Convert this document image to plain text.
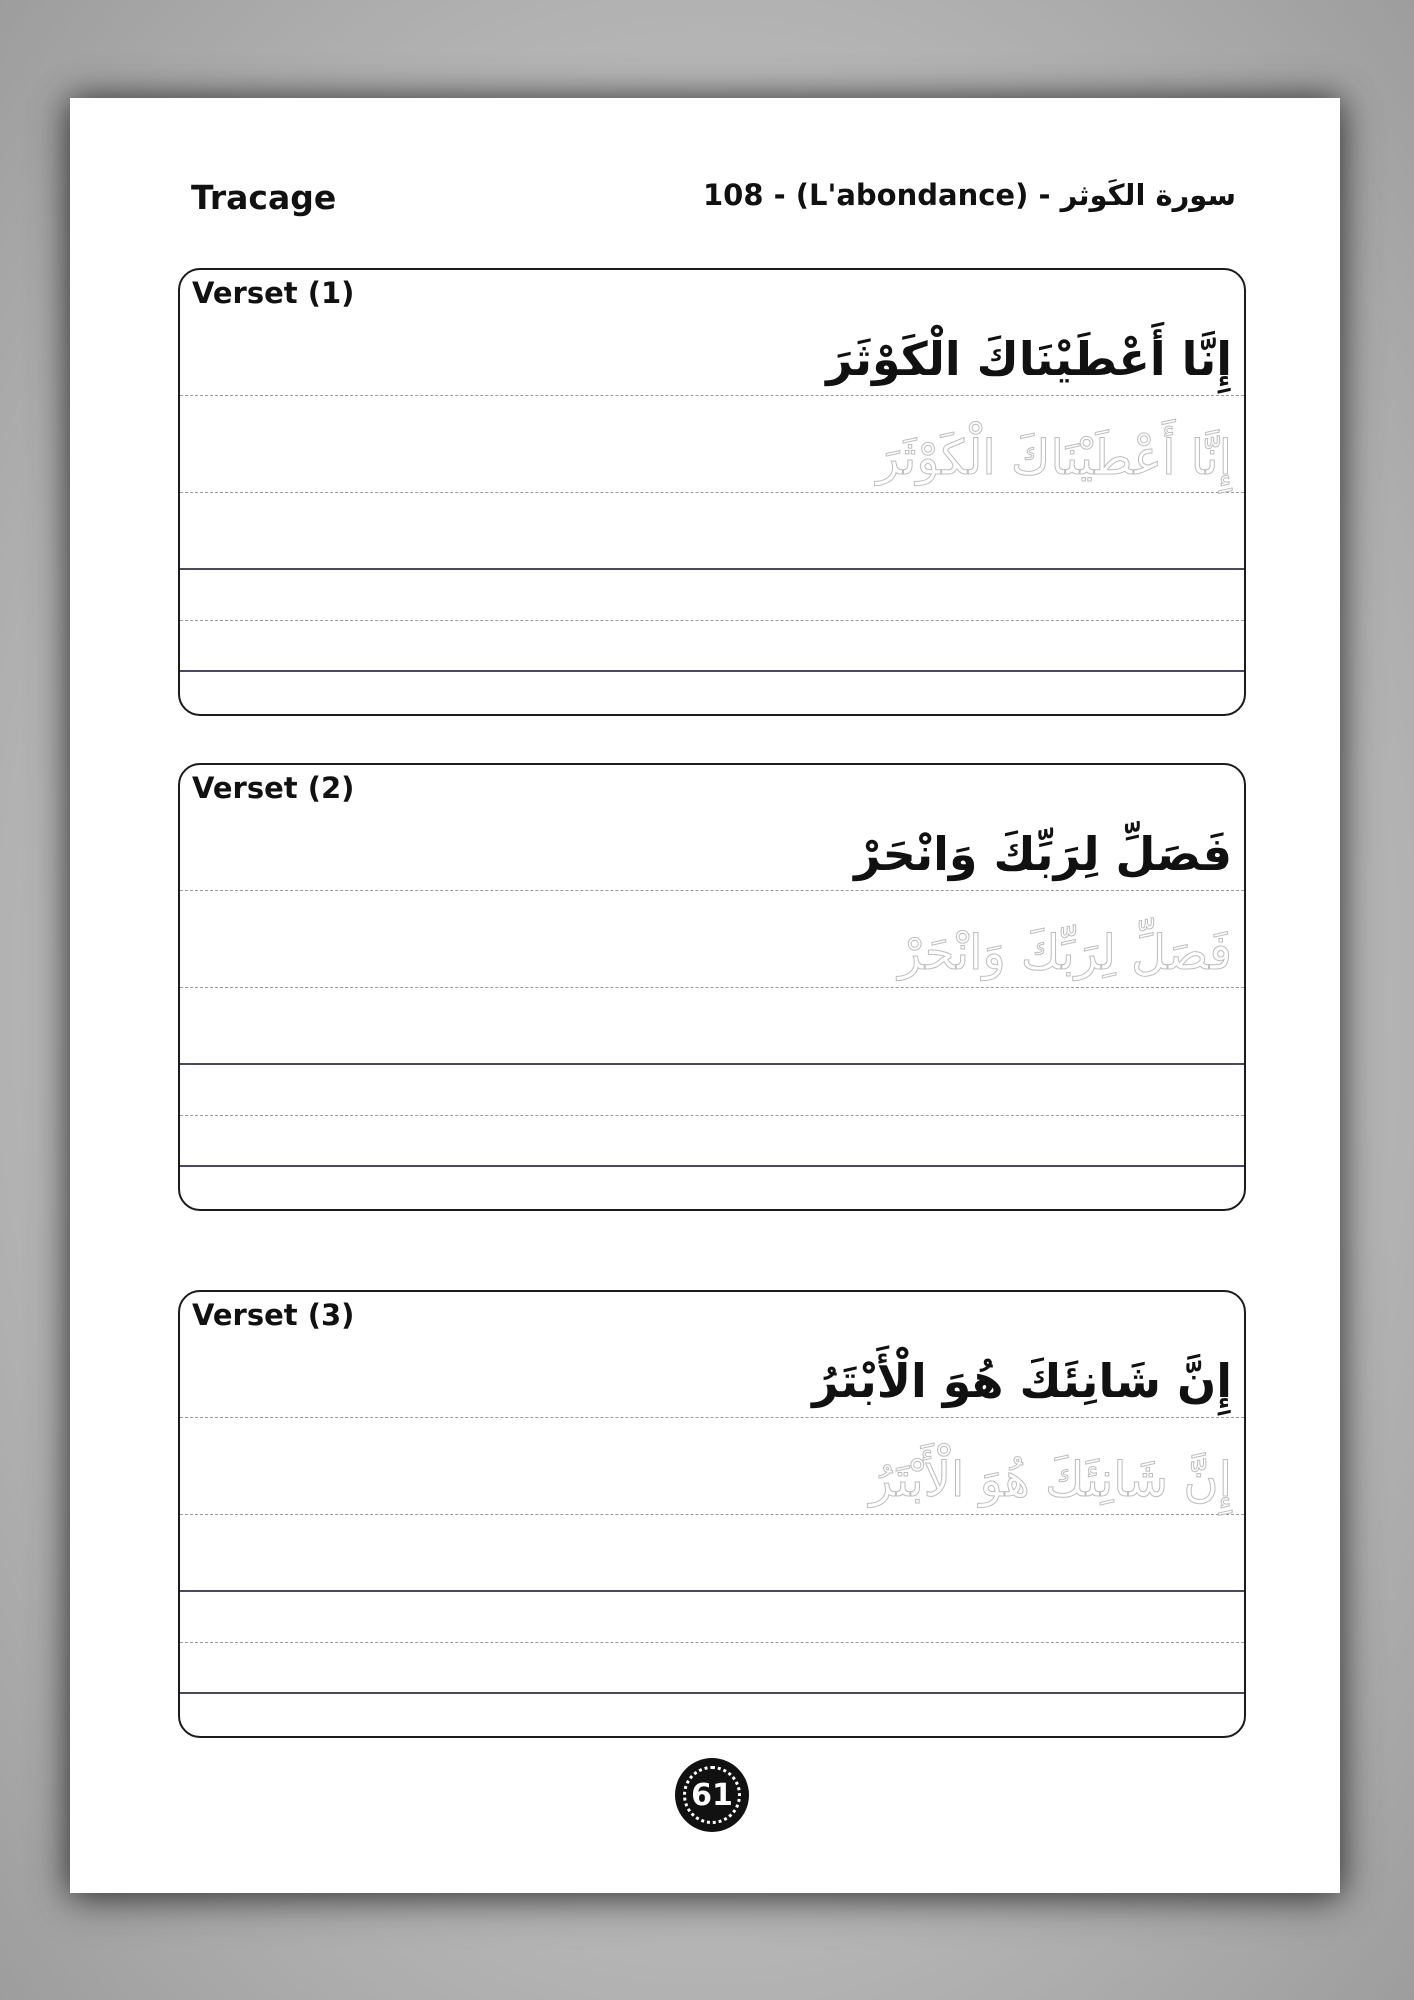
Tracage	سورة الكَوثر - (L'abondance) - 108
Verset (1)
إِنَّا أَعْطَيْنَاكَ الْكَوْثَرَ
إِنَّا أَعْطَيْنَاكَ الْكَوْثَرَ
Verset (2)
فَصَلِّ لِرَبِّكَ وَانْحَرْ
فَصَلِّ لِرَبِّكَ وَانْحَرْ
Verset (3)
إِنَّ شَانِئَكَ هُوَ الْأَبْتَرُ
إِنَّ شَانِئَكَ هُوَ الْأَبْتَرُ
61
